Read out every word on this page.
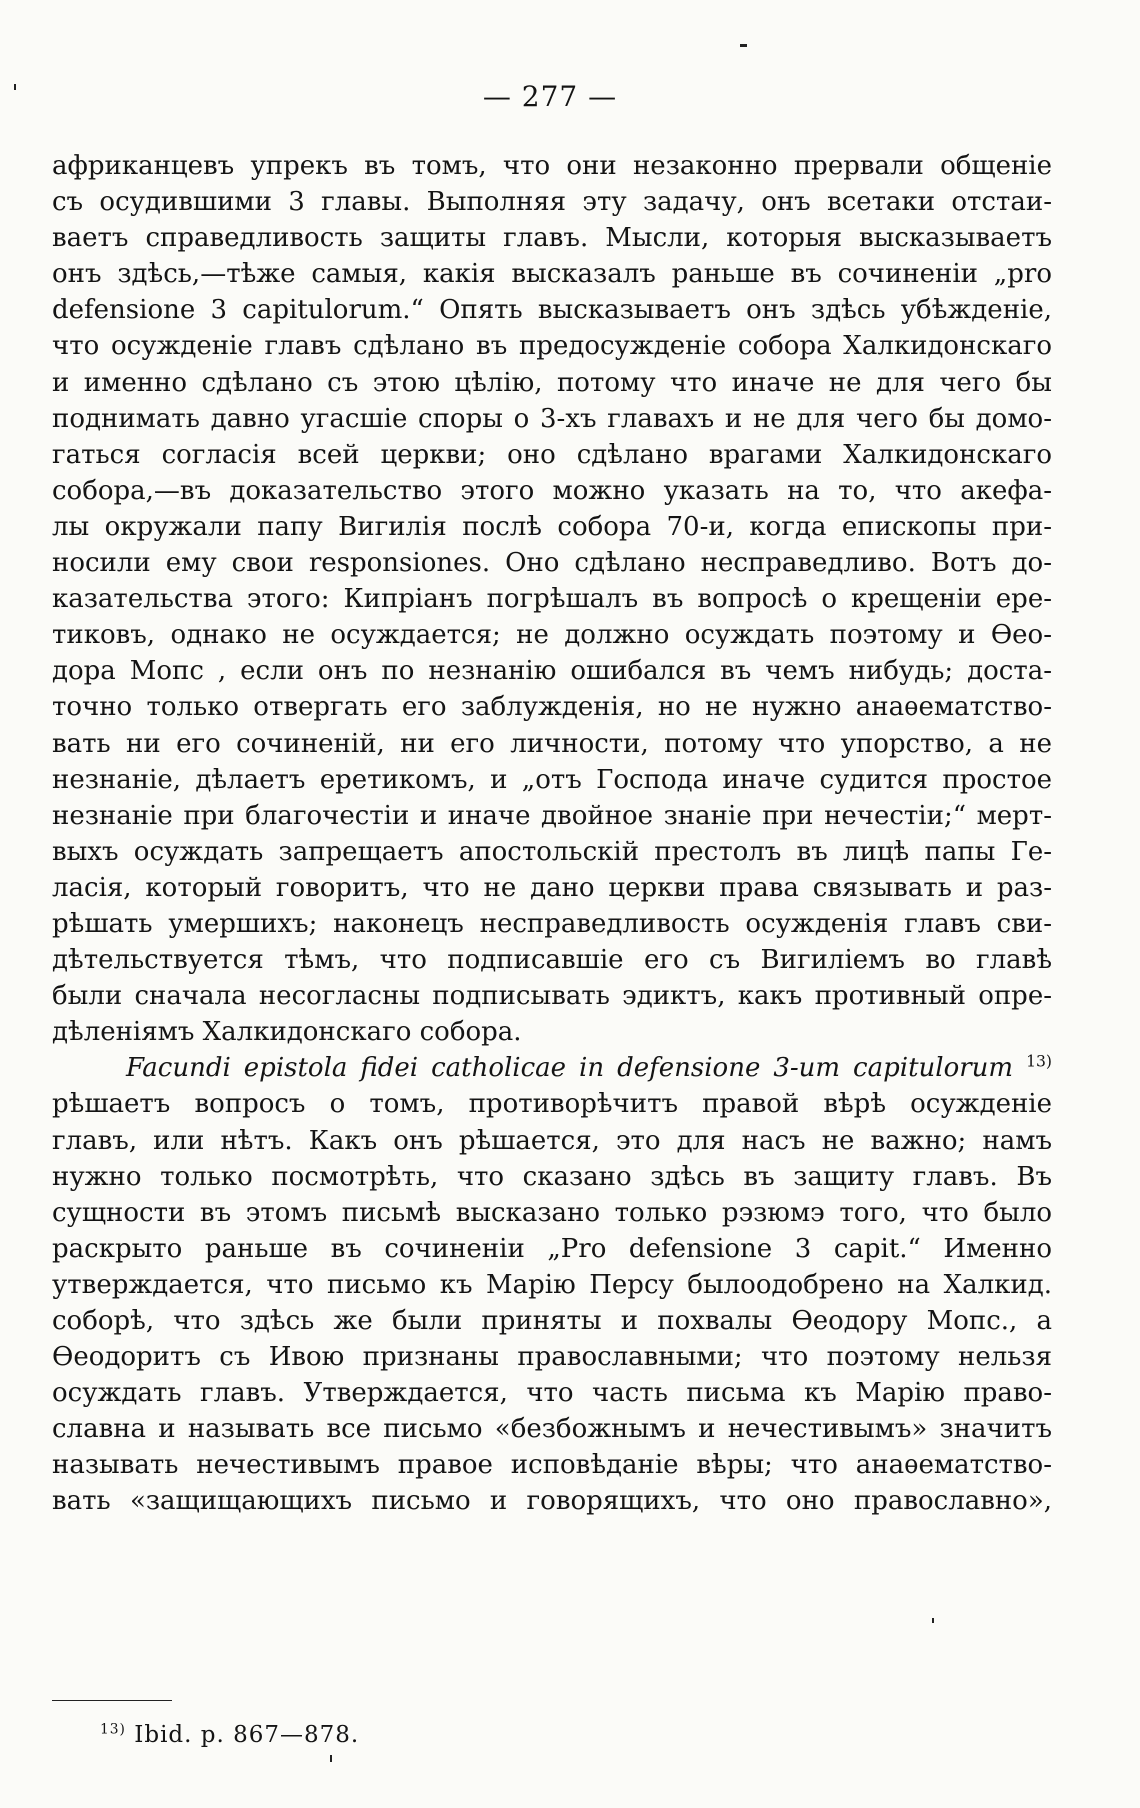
— 277 —
африканцевъ упрекъ въ томъ, что они незаконно прервали общеніе
съ осудившими 3 главы. Выполняя эту задачу, онъ всетаки отстаи-
ваетъ справедливость защиты главъ. Мысли, которыя высказываетъ
онъ здѣсь,—тѣже самыя, какія высказалъ раньше въ сочиненіи „pro
defensione 3 capitulorum.“ Опять высказываетъ онъ здѣсь убѣжденіе,
что осужденіе главъ сдѣлано въ предосужденіе собора Халкидонскаго
и именно сдѣлано съ этою цѣлію, потому что иначе не для чего бы
поднимать давно угасшіе споры о 3-хъ главахъ и не для чего бы домо-
гаться согласія всей церкви; оно сдѣлано врагами Халкидонскаго
собора,—въ доказательство этого можно указать на то, что акефа-
лы окружали папу Вигилія послѣ собора 70-и, когда епископы при-
носили ему свои responsiones. Оно сдѣлано несправедливо. Вотъ до-
казательства этого: Кипріанъ погрѣшалъ въ вопросѣ о крещеніи ере-
тиковъ, однако не осуждается; не должно осуждать поэтому и Ѳео-
дора Мопс , если онъ по незнанію ошибался въ чемъ нибудь; доста-
точно только отвергать его заблужденія, но не нужно анаѳематство-
вать ни его сочиненій, ни его личности, потому что упорство, а не
незнаніе, дѣлаетъ еретикомъ, и „отъ Господа иначе судится простое
незнаніе при благочестіи и иначе двойное знаніе при нечестіи;“ мерт-
выхъ осуждать запрещаетъ апостольскій престолъ въ лицѣ папы Ге-
ласія, который говоритъ, что не дано церкви права связывать и раз-
рѣшать умершихъ; наконецъ несправедливость осужденія главъ сви-
дѣтельствуется тѣмъ, что подписавшіе его съ Вигиліемъ во главѣ
были сначала несогласны подписывать эдиктъ, какъ противный опре-
дѣленіямъ Халкидонскаго собора.
Facundi epistola fidei catholicae in defensione 3-um capitulorum $^{13)}$
рѣшаетъ вопросъ о томъ, противорѣчитъ правой вѣрѣ осужденіе
главъ, или нѣтъ. Какъ онъ рѣшается, это для насъ не важно; намъ
нужно только посмотрѣть, что сказано здѣсь въ защиту главъ. Въ
сущности въ этомъ письмѣ высказано только рэзюмэ того, что было
раскрыто раньше въ сочиненіи „Pro defensione 3 capit.“ Именно
утверждается, что письмо къ Марію Персу былоодобрено на Халкид.
соборѣ, что здѣсь же были приняты и похвалы Ѳеодору Мопс., а
Ѳеодоритъ съ Ивою признаны православными; что поэтому нельзя
осуждать главъ. Утверждается, что часть письма къ Марію право-
славна и называть все письмо «безбожнымъ и нечестивымъ» значитъ
называть нечестивымъ правое исповѣданіе вѣры; что анаѳематство-
вать «защищающихъ письмо и говорящихъ, что оно православно»,
$^{13)}$ Ibid. p. 867—878.
